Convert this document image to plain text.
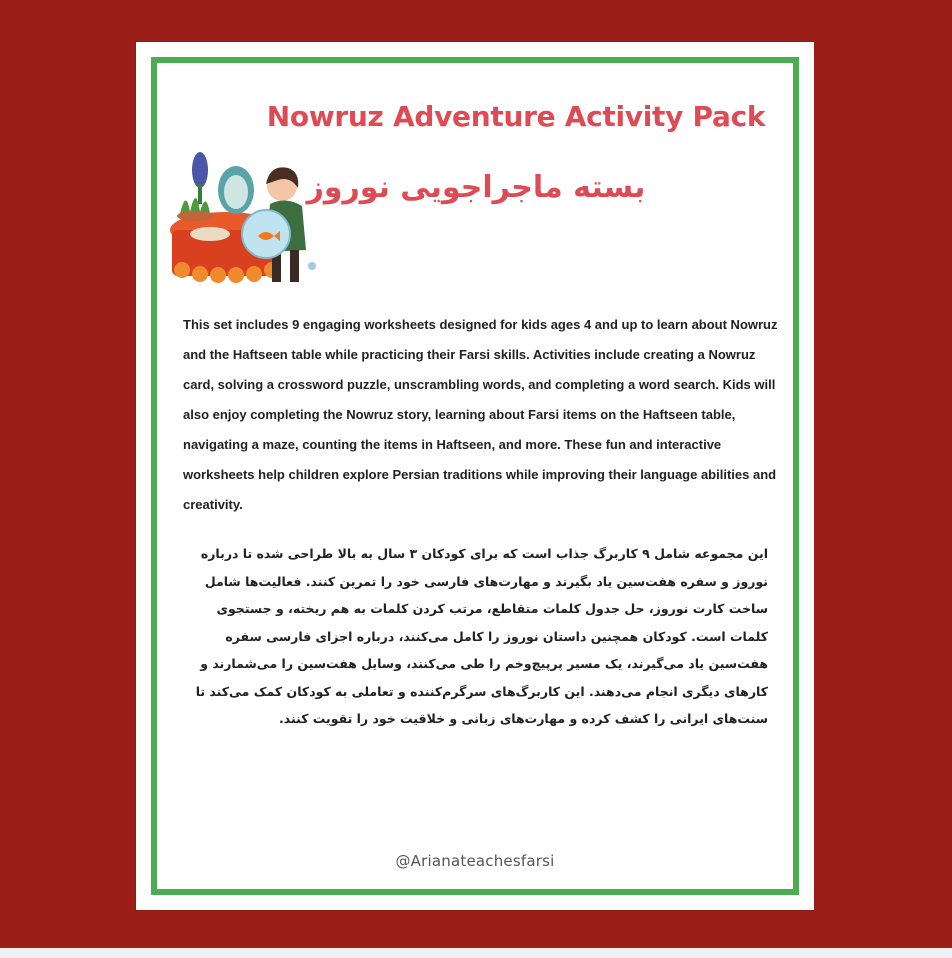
Nowruz Adventure Activity Pack
بسته ماجراجویی نوروز
This set includes 9 engaging worksheets designed for kids ages 4 and up to learn about Nowruz and the Haftseen table while practicing their Farsi skills. Activities include creating a Nowruz card, solving a crossword puzzle, unscrambling words, and completing a word search. Kids will also enjoy completing the Nowruz story, learning about Farsi items on the Haftseen table, navigating a maze, counting the items in Haftseen, and more. These fun and interactive worksheets help children explore Persian traditions while improving their language abilities and creativity.
این مجموعه شامل ۹ کاربرگ جذاب است که برای کودکان ۳ سال به بالا طراحی شده تا درباره نوروز و سفره هفت‌سین یاد بگیرند و مهارت‌های فارسی خود را تمرین کنند. فعالیت‌ها شامل ساخت کارت نوروز، حل جدول کلمات متقاطع، مرتب کردن کلمات به هم ریخته، و جستجوی کلمات است. کودکان همچنین داستان نوروز را کامل می‌کنند، درباره اجزای فارسی سفره هفت‌سین یاد می‌گیرند، یک مسیر پرپیچ‌وخم را طی می‌کنند، وسایل هفت‌سین را می‌شمارند و کارهای دیگری انجام می‌دهند. این کاربرگ‌های سرگرم‌کننده و تعاملی به کودکان کمک می‌کند تا سنت‌های ایرانی را کشف کرده و مهارت‌های زبانی و خلاقیت خود را تقویت کنند.
@Arianateachesfarsi
